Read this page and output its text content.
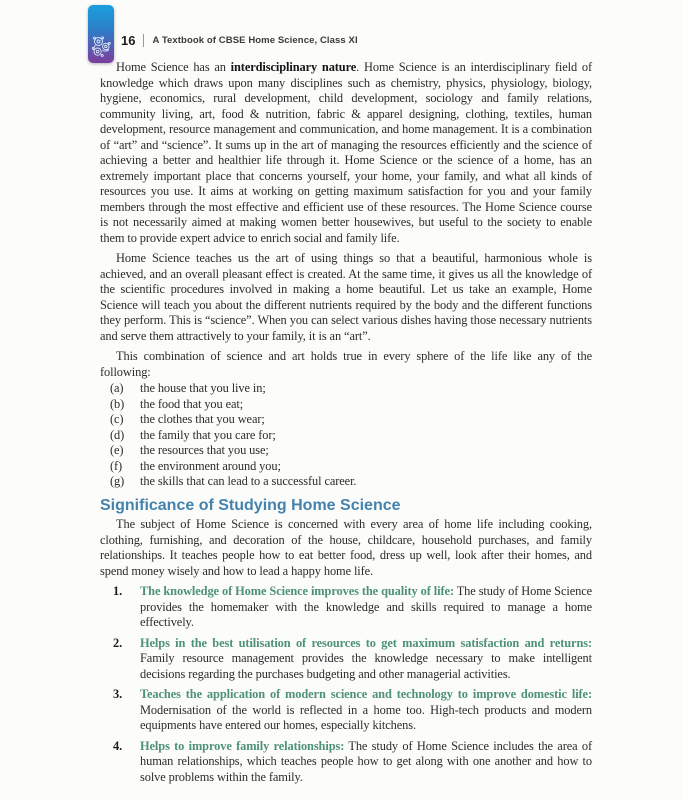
16 A Textbook of CBSE Home Science, Class XI

Home Science has an interdisciplinary nature. Home Science is an interdisciplinary field of knowledge which draws upon many disciplines such as chemistry, physics, physiology, biology, hygiene, economics, rural development, child development, sociology and family relations, community living, art, food & nutrition, fabric & apparel designing, clothing, textiles, human development, resource management and communication, and home management. It is a combination of “art” and “science”. It sums up in the art of managing the resources efficiently and the science of achieving a better and healthier life through it. Home Science or the science of a home, has an extremely important place that concerns yourself, your home, your family, and what all kinds of resources you use. It aims at working on getting maximum satisfaction for you and your family members through the most effective and efficient use of these resources. The Home Science course is not necessarily aimed at making women better housewives, but useful to the society to enable them to provide expert advice to enrich social and family life.

Home Science teaches us the art of using things so that a beautiful, harmonious whole is achieved, and an overall pleasant effect is created. At the same time, it gives us all the knowledge of the scientific procedures involved in making a home beautiful. Let us take an example, Home Science will teach you about the different nutrients required by the body and the different functions they perform. This is “science”. When you can select various dishes having those necessary nutrients and serve them attractively to your family, it is an “art”.

This combination of science and art holds true in every sphere of the life like any of the following:

(a)	the house that you live in;
(b)	the food that you eat;
(c)	the clothes that you wear;
(d)	the family that you care for;
(e)	the resources that you use;
(f)	the environment around you;
(g)	the skills that can lead to a successful career.
Significance of Studying Home Science

The subject of Home Science is concerned with every area of home life including cooking, clothing, furnishing, and decoration of the house, childcare, household purchases, and family relationships. It teaches people how to eat better food, dress up well, look after their homes, and spend money wisely and how to lead a happy home life.

1.	The knowledge of Home Science improves the quality of life: The study of Home Science provides the homemaker with the knowledge and skills required to manage a home effectively.
2.	Helps in the best utilisation of resources to get maximum satisfaction and returns: Family resource management provides the knowledge necessary to make intelligent decisions regarding the purchases budgeting and other managerial activities.
3.	Teaches the application of modern science and technology to improve domestic life: Modernisation of the world is reflected in a home too. High-tech products and modern equipments have entered our homes, especially kitchens.
4.	Helps to improve family relationships: The study of Home Science includes the area of human relationships, which teaches people how to get along with one another and how to solve problems within the family.
